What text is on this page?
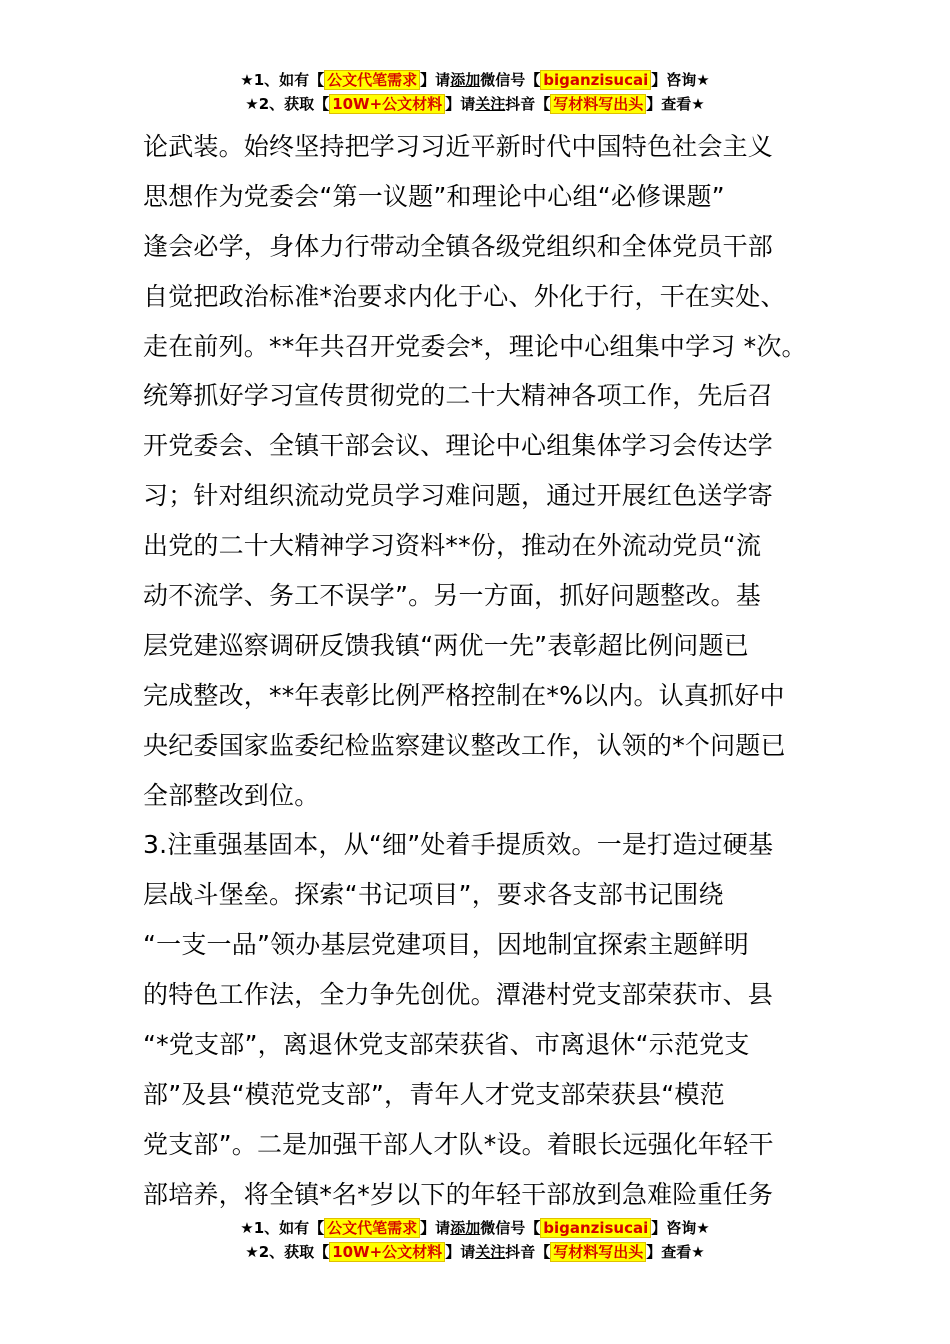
★1、如有【 公文代笔需求 】请添加微信号【 biganzisucai 】咨询★
★2、获取【 10W+公文材料 】请关注抖音【 写材料写出头 】查看★
论武装。始终坚持把学习习近平新时代中国特色社会主义
思想作为党委会“第一议题”和理论中心组“必修课题”
逢会必学，身体力行带动全镇各级党组织和全体党员干部
自觉把政治标准*治要求内化于心、外化于行，干在实处、
走在前列。**年共召开党委会*，理论中心组集中学习 *次。
统筹抓好学习宣传贯彻党的二十大精神各项工作，先后召
开党委会、全镇干部会议、理论中心组集体学习会传达学
习；针对组织流动党员学习难问题，通过开展红色送学寄
出党的二十大精神学习资料**份，推动在外流动党员“流
动不流学、务工不误学”。另一方面，抓好问题整改。基
层党建巡察调研反馈我镇“两优一先”表彰超比例问题已
完成整改，**年表彰比例严格控制在*%以内。认真抓好中
央纪委国家监委纪检监察建议整改工作，认领的*个问题已
全部整改到位。
3.注重强基固本，从“细”处着手提质效。一是打造过硬基
层战斗堡垒。探索“书记项目”，要求各支部书记围绕
“一支一品”领办基层党建项目，因地制宜探索主题鲜明
的特色工作法，全力争先创优。潭港村党支部荣获市、县
“*党支部”，离退休党支部荣获省、市离退休“示范党支
部”及县“模范党支部”，青年人才党支部荣获县“模范
党支部”。二是加强干部人才队*设。着眼长远强化年轻干
部培养，将全镇*名*岁以下的年轻干部放到急难险重任务
★1、如有【 公文代笔需求 】请添加微信号【 biganzisucai 】咨询★
★2、获取【 10W+公文材料 】请关注抖音【 写材料写出头 】查看★
